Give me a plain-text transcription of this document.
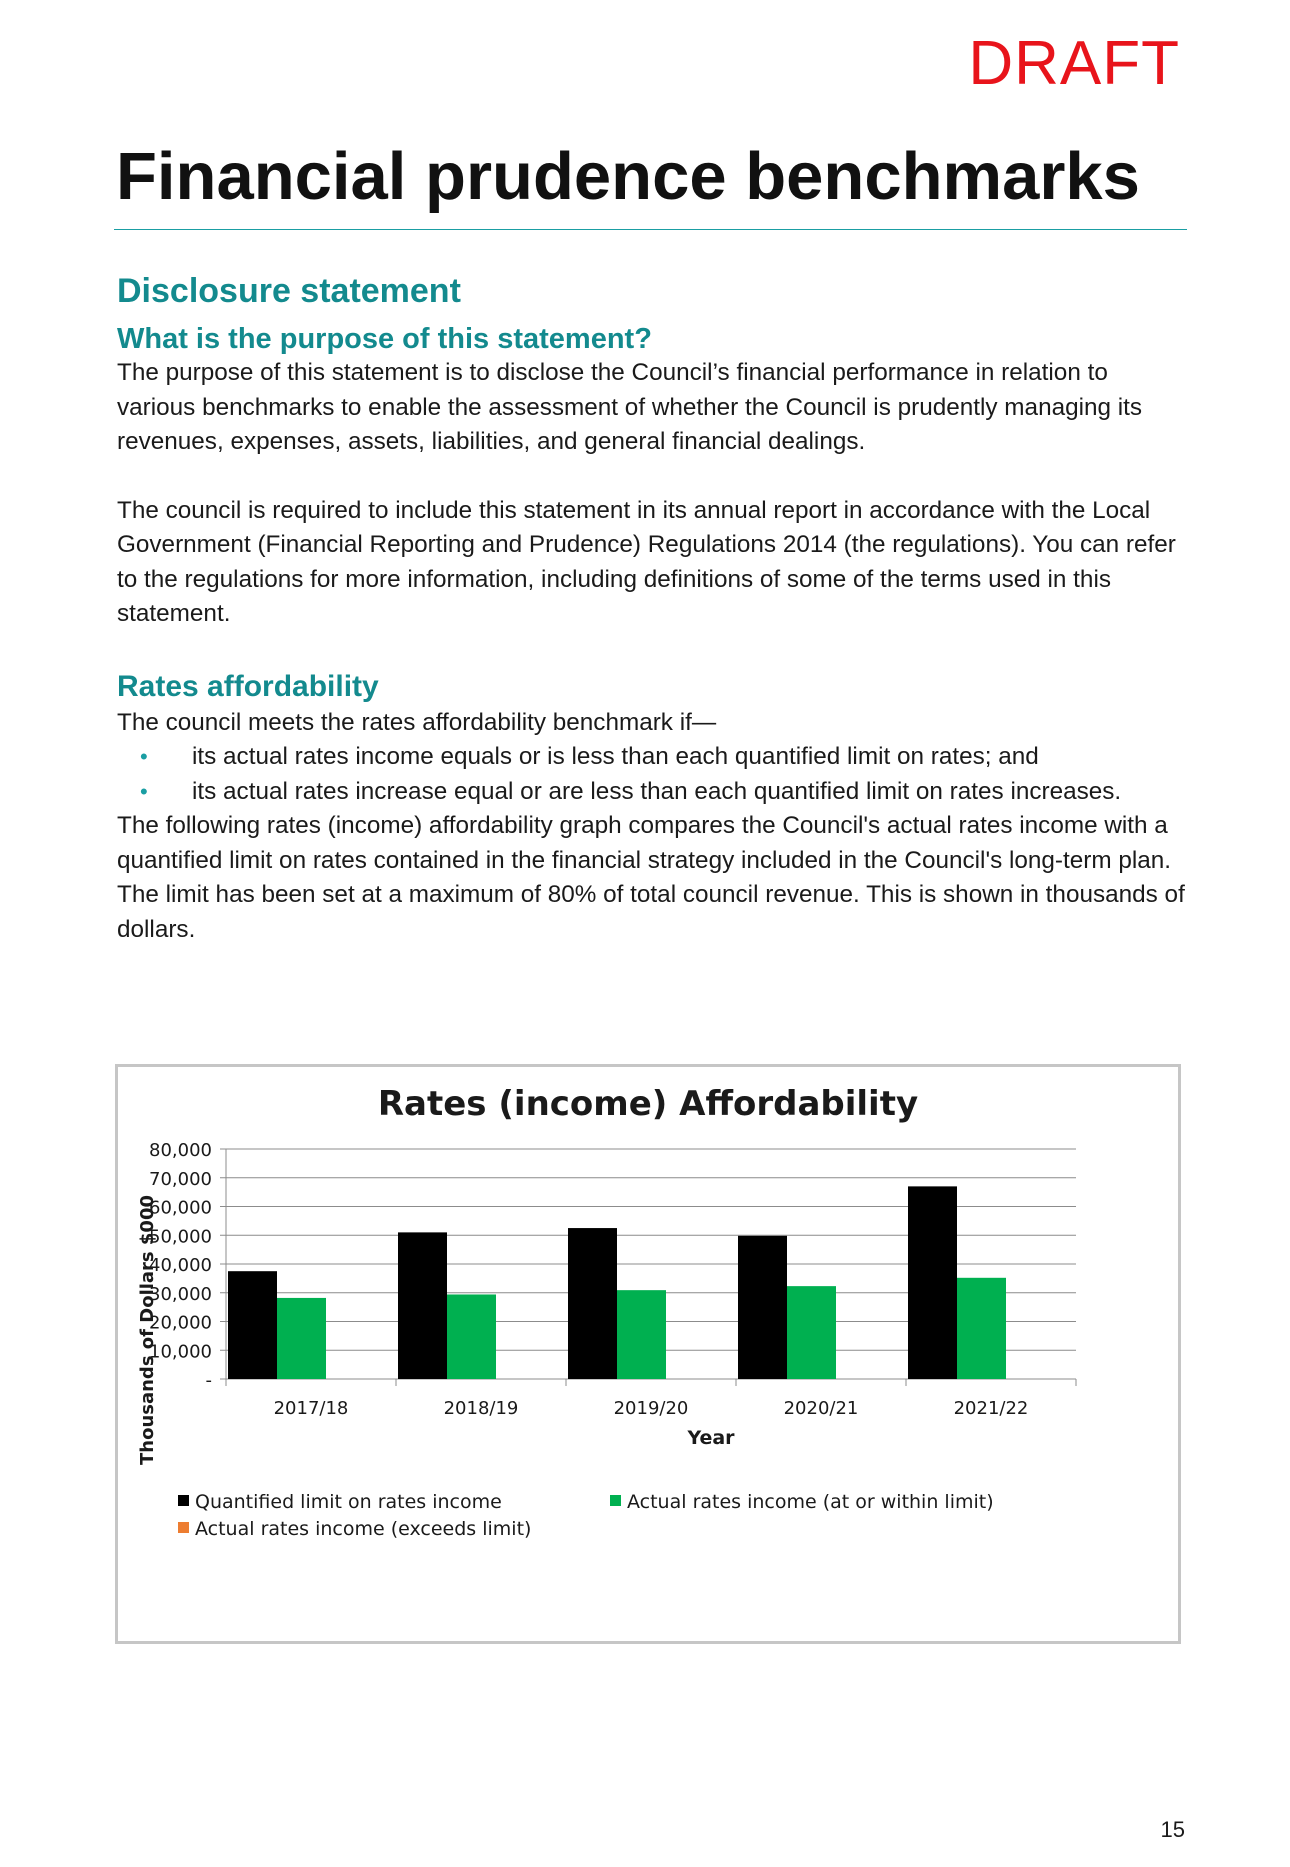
DRAFT
Financial prudence benchmarks
Disclosure statement
What is the purpose of this statement?

The purpose of this statement is to disclose the Council’s financial performance in relation to various benchmarks to enable the assessment of whether the Council is prudently managing its revenues, expenses, assets, liabilities, and general financial dealings.

The council is required to include this statement in its annual report in accordance with the Local Government (Financial Reporting and Prudence) Regulations 2014 (the regulations). You can refer to the regulations for more information, including definitions of some of the terms used in this statement.

Rates affordability

The council meets the rates affordability benchmark if—

• its actual rates income equals or is less than each quantified limit on rates; and
• its actual rates increase equal or are less than each quantified limit on rates increases.

The following rates (income) affordability graph compares the Council's actual rates income with a quantified limit on rates contained in the financial strategy included in the Council's long-term plan. The limit has been set at a maximum of 80% of total council revenue. This is shown in thousands of dollars.

Rates (income) Affordability
Thousands of Dollars $000	Year
-
10,000
20,000
30,000
40,000
50,000
60,000
70,000
80,000
2017/18	2018/19	2019/20	2020/21	2021/22
Quantified limit on rates income	Actual rates income (at or within limit)
Actual rates income (exceeds limit)
15
